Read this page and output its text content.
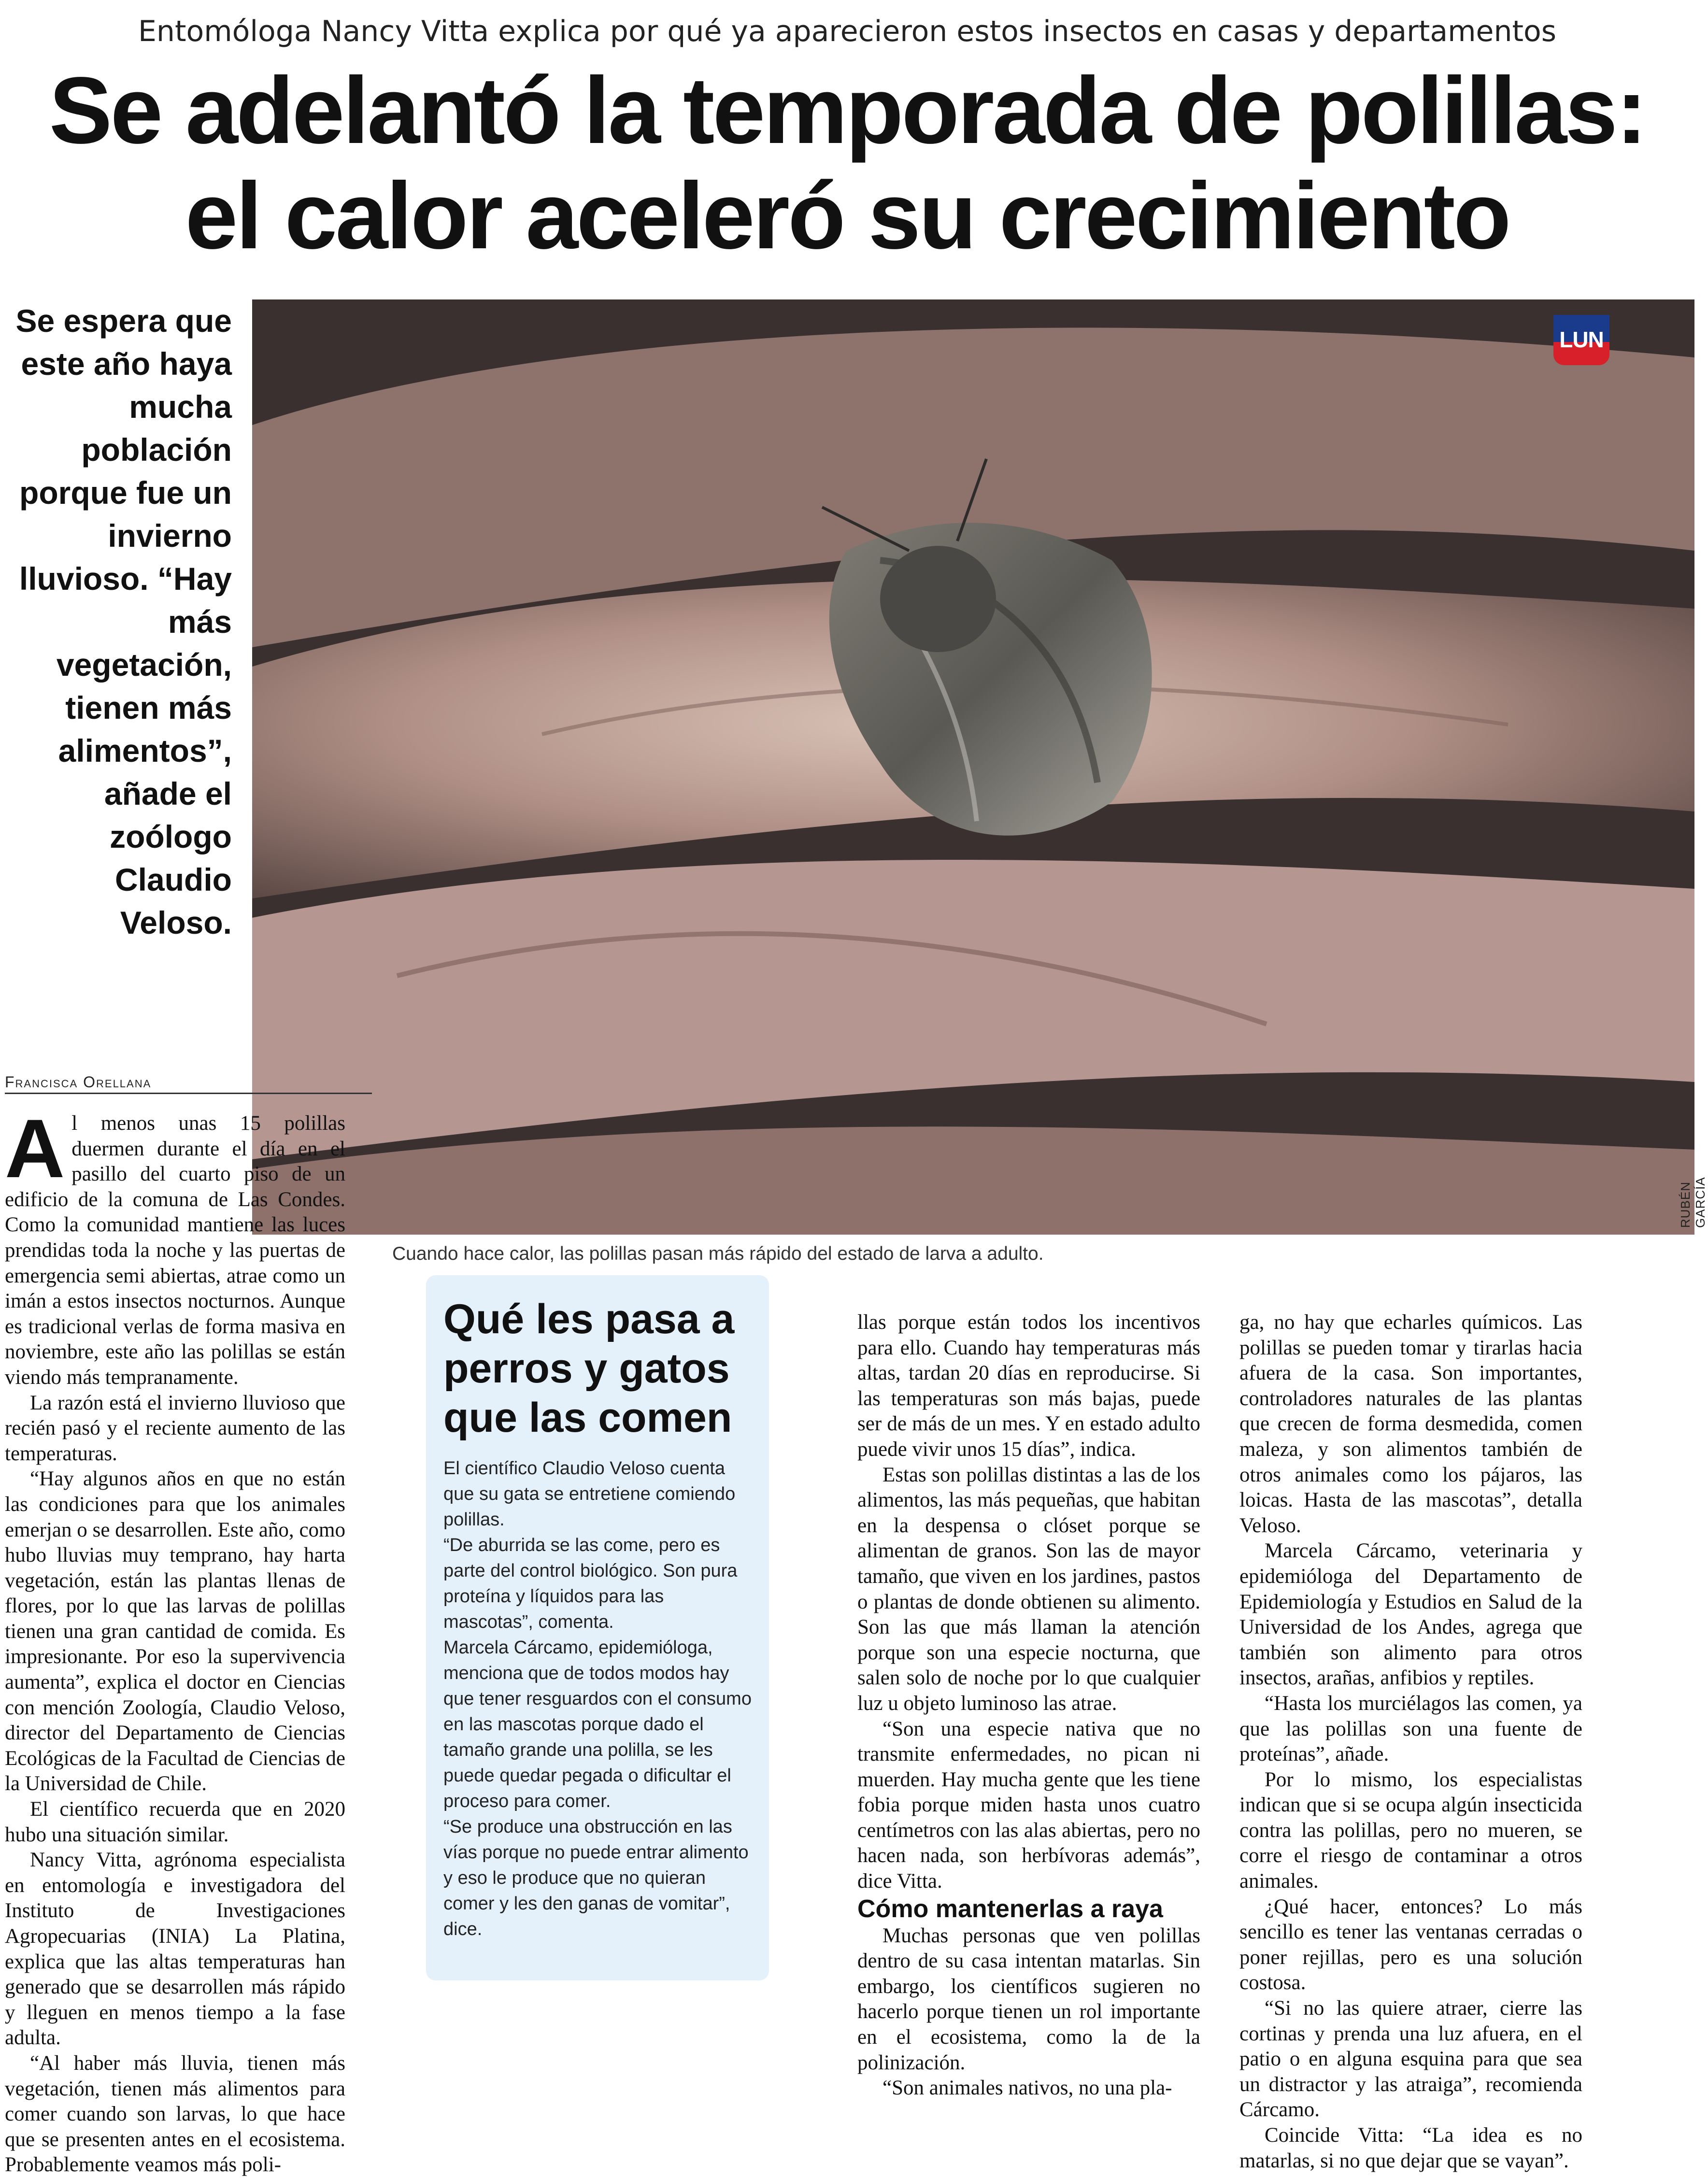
Entomóloga Nancy Vitta explica por qué ya aparecieron estos insectos en casas y departamentos
Se adelantó la temporada de polillas:
el calor aceleró su crecimiento
Se espera que este año haya mucha población porque fue un invierno lluvioso. “Hay más vegetación, tienen más alimentos”, añade el zoólogo Claudio Veloso.
LUN
RUBÉN GARCÍA
Cuando hace calor, las polillas pasan más rápido del estado de larva a adulto.
Francisca Orellana

Al menos unas 15 polillas duermen durante el día en el pasillo del cuarto piso de un edificio de la comuna de Las Condes. Como la comunidad mantiene las luces prendidas toda la noche y las puertas de emergencia semi abiertas, atrae como un imán a estos insectos nocturnos. Aunque es tradicional verlas de forma masiva en noviembre, este año las polillas se están viendo más tempranamente.

La razón está el invierno lluvioso que recién pasó y el reciente aumento de las temperaturas.

“Hay algunos años en que no están las condiciones para que los animales emerjan o se desarrollen. Este año, como hubo lluvias muy temprano, hay harta vegetación, están las plantas llenas de flores, por lo que las larvas de polillas tienen una gran cantidad de comida. Es impresionante. Por eso la supervivencia aumenta”, explica el doctor en Ciencias con mención Zoología, Claudio Veloso, director del Departamento de Ciencias Ecológicas de la Facultad de Ciencias de la Universidad de Chile.

El científico recuerda que en 2020 hubo una situación similar.

Nancy Vitta, agrónoma especialista en entomología e investigadora del Instituto de Investigaciones Agropecuarias (INIA) La Platina, explica que las altas temperaturas han generado que se desarrollen más rápido y lleguen en menos tiempo a la fase adulta.

“Al haber más lluvia, tienen más vegetación, tienen más alimentos para comer cuando son larvas, lo que hace que se presenten antes en el ecosistema. Probablemente veamos más poli-

Qué les pasa a perros y gatos que las comen

El científico Claudio Veloso cuenta que su gata se entretiene comiendo polillas.

“De aburrida se las come, pero es parte del control biológico. Son pura proteína y líquidos para las mascotas”, comenta.

Marcela Cárcamo, epidemióloga, menciona que de todos modos hay que tener resguardos con el consumo en las mascotas porque dado el tamaño grande una polilla, se les puede quedar pegada o dificultar el proceso para comer.

“Se produce una obstrucción en las vías porque no puede entrar alimento y eso le produce que no quieran comer y les den ganas de vomitar”, dice.

llas porque están todos los incentivos para ello. Cuando hay temperaturas más altas, tardan 20 días en reproducirse. Si las temperaturas son más bajas, puede ser de más de un mes. Y en estado adulto puede vivir unos 15 días”, indica.

Estas son polillas distintas a las de los alimentos, las más pequeñas, que habitan en la despensa o clóset porque se alimentan de granos. Son las de mayor tamaño, que viven en los jardines, pastos o plantas de donde obtienen su alimento. Son las que más llaman la atención porque son una especie nocturna, que salen solo de noche por lo que cualquier luz u objeto luminoso las atrae.

“Son una especie nativa que no transmite enfermedades, no pican ni muerden. Hay mucha gente que les tiene fobia porque miden hasta unos cuatro centímetros con las alas abiertas, pero no hacen nada, son herbívoras además”, dice Vitta.

Cómo mantenerlas a raya

Muchas personas que ven polillas dentro de su casa intentan matarlas. Sin embargo, los científicos sugieren no hacerlo porque tienen un rol importante en el ecosistema, como la de la polinización.

“Son animales nativos, no una pla-

ga, no hay que echarles químicos. Las polillas se pueden tomar y tirarlas hacia afuera de la casa. Son importantes, controladores naturales de las plantas que crecen de forma desmedida, comen maleza, y son alimentos también de otros animales como los pájaros, las loicas. Hasta de las mascotas”, detalla Veloso.

Marcela Cárcamo, veterinaria y epidemióloga del Departamento de Epidemiología y Estudios en Salud de la Universidad de los Andes, agrega que también son alimento para otros insectos, arañas, anfibios y reptiles.

“Hasta los murciélagos las comen, ya que las polillas son una fuente de proteínas”, añade.

Por lo mismo, los especialistas indican que si se ocupa algún insecticida contra las polillas, pero no mueren, se corre el riesgo de contaminar a otros animales.

¿Qué hacer, entonces? Lo más sencillo es tener las ventanas cerradas o poner rejillas, pero es una solución costosa.

“Si no las quiere atraer, cierre las cortinas y prenda una luz afuera, en el patio o en alguna esquina para que sea un distractor y las atraiga”, recomienda Cárcamo.

Coincide Vitta: “La idea es no matarlas, si no que dejar que se vayan”.
